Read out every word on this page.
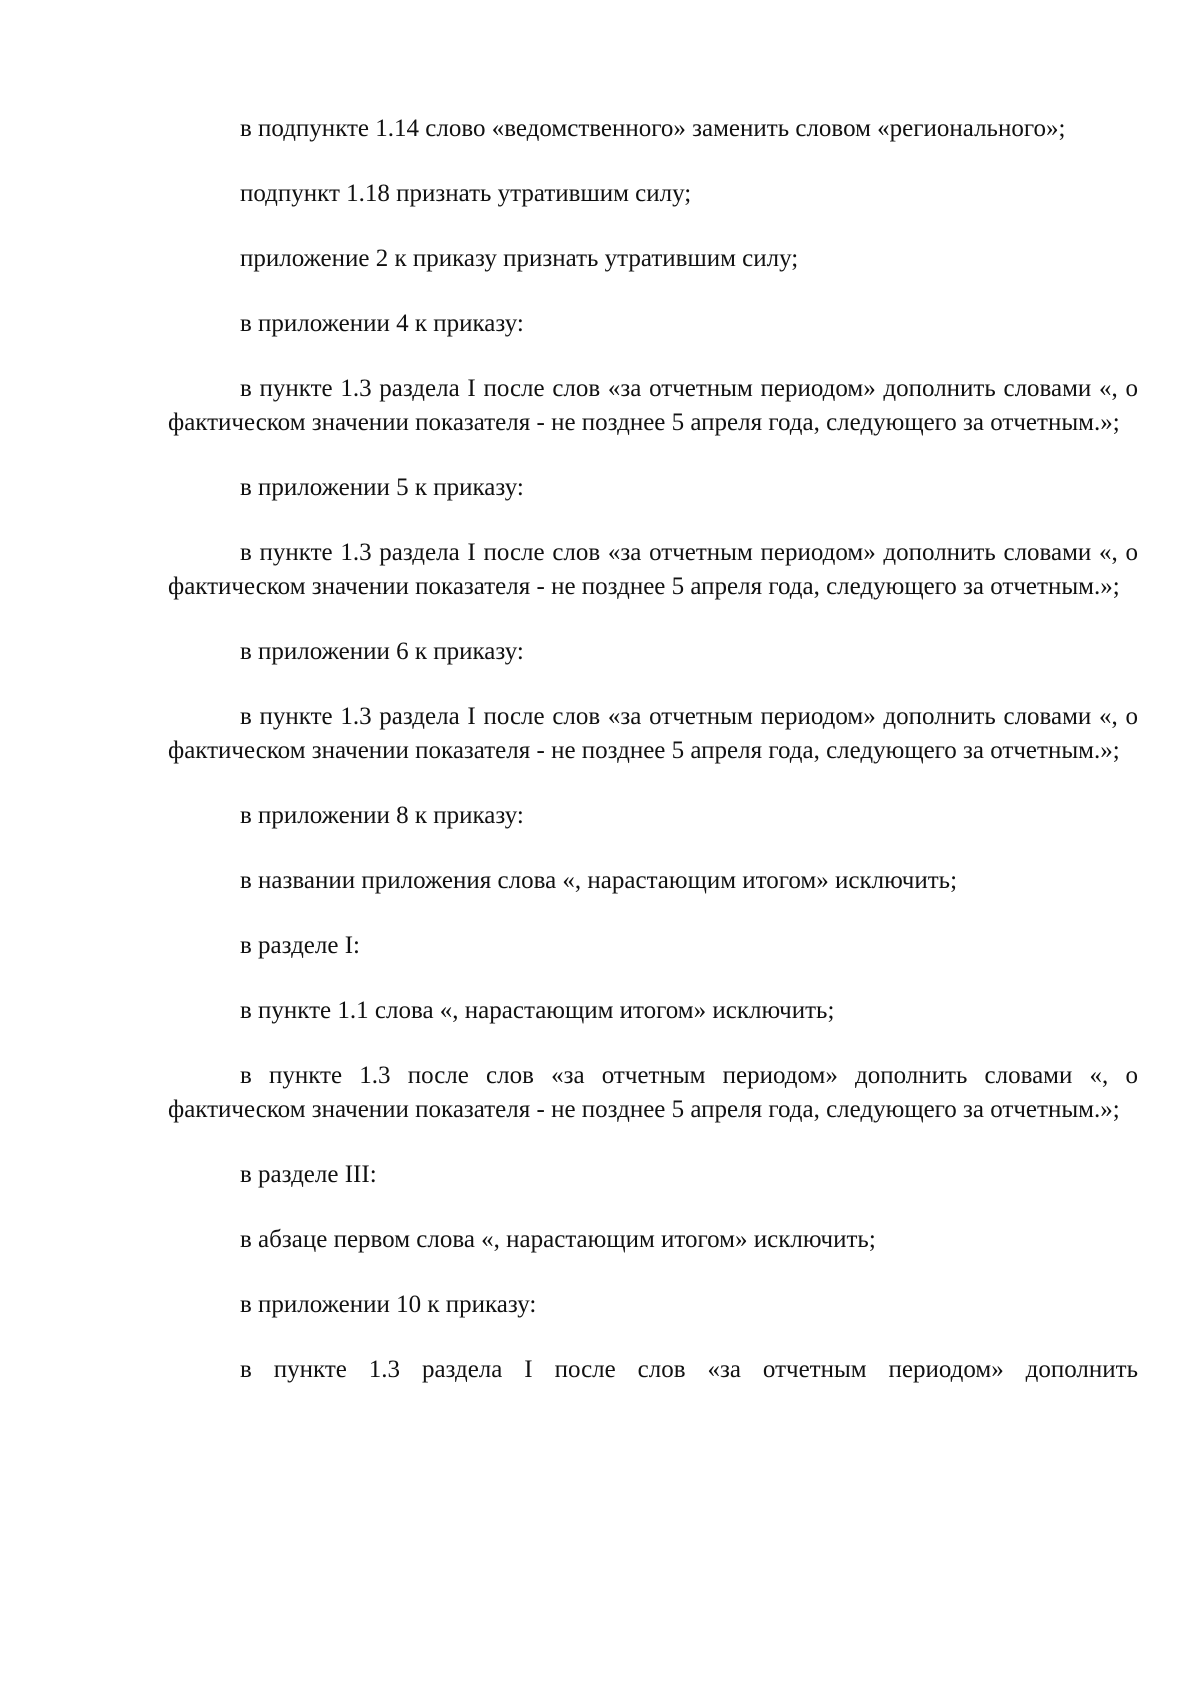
в подпункте 1.14 слово «ведомственного» заменить словом «регионального»;

подпункт 1.18 признать утратившим силу;

приложение 2 к приказу признать утратившим силу;

в приложении 4 к приказу:

в пункте 1.3 раздела I после слов «за отчетным периодом» дополнить словами «, о фактическом значении показателя - не позднее 5 апреля года, следующего за отчетным.»;

в приложении 5 к приказу:

в пункте 1.3 раздела I после слов «за отчетным периодом» дополнить словами «, о фактическом значении показателя - не позднее 5 апреля года, следующего за отчетным.»;

в приложении 6 к приказу:

в пункте 1.3 раздела I после слов «за отчетным периодом» дополнить словами «, о фактическом значении показателя - не позднее 5 апреля года, следующего за отчетным.»;

в приложении 8 к приказу:

в названии приложения слова «, нарастающим итогом» исключить;

в разделе I:

в пункте 1.1 слова «, нарастающим итогом» исключить;

в пункте 1.3 после слов «за отчетным периодом» дополнить словами «, о фактическом значении показателя - не позднее 5 апреля года, следующего за отчетным.»;

в разделе III:

в абзаце первом слова «, нарастающим итогом» исключить;

в приложении 10 к приказу:

в пункте 1.3 раздела I после слов «за отчетным периодом» дополнить
